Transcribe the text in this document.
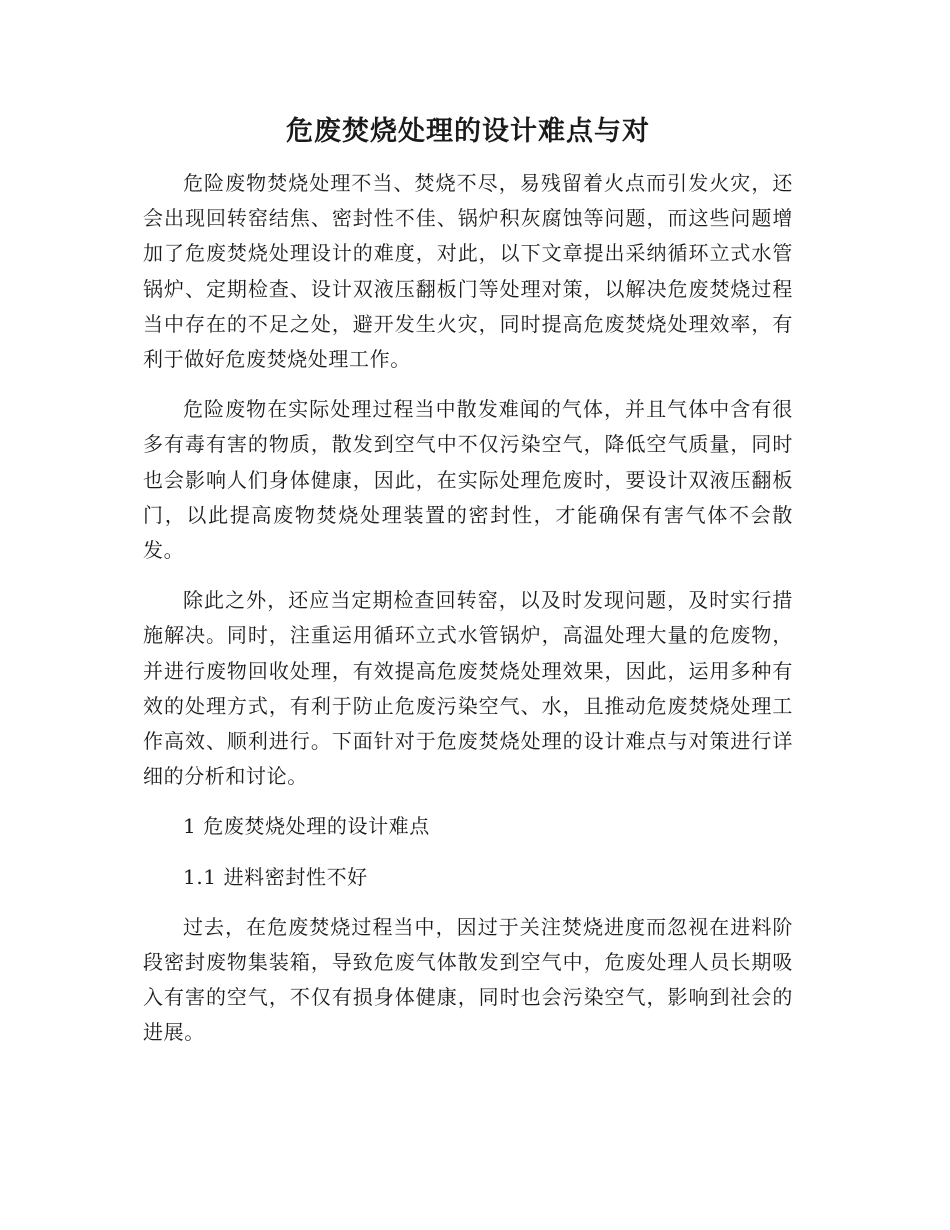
危废焚烧处理的设计难点与对

危险废物焚烧处理不当、焚烧不尽，易残留着火点而引发火灾，还会出现回转窑结焦、密封性不佳、锅炉积灰腐蚀等问题，而这些问题增加了危废焚烧处理设计的难度，对此，以下文章提出采纳循环立式水管锅炉、定期检查、设计双液压翻板门等处理对策，以解决危废焚烧过程当中存在的不足之处，避开发生火灾，同时提高危废焚烧处理效率，有利于做好危废焚烧处理工作。

危险废物在实际处理过程当中散发难闻的气体，并且气体中含有很多有毒有害的物质，散发到空气中不仅污染空气，降低空气质量，同时也会影响人们身体健康，因此，在实际处理危废时，要设计双液压翻板门，以此提高废物焚烧处理装置的密封性，才能确保有害气体不会散发。

除此之外，还应当定期检查回转窑，以及时发现问题，及时实行措施解决。同时，注重运用循环立式水管锅炉，高温处理大量的危废物，并进行废物回收处理，有效提高危废焚烧处理效果，因此，运用多种有效的处理方式，有利于防止危废污染空气、水，且推动危废焚烧处理工作高效、顺利进行。下面针对于危废焚烧处理的设计难点与对策进行详细的分析和讨论。

1 危废焚烧处理的设计难点

1.1 进料密封性不好

过去，在危废焚烧过程当中，因过于关注焚烧进度而忽视在进料阶段密封废物集装箱，导致危废气体散发到空气中，危废处理人员长期吸入有害的空气，不仅有损身体健康，同时也会污染空气，影响到社会的进展。
